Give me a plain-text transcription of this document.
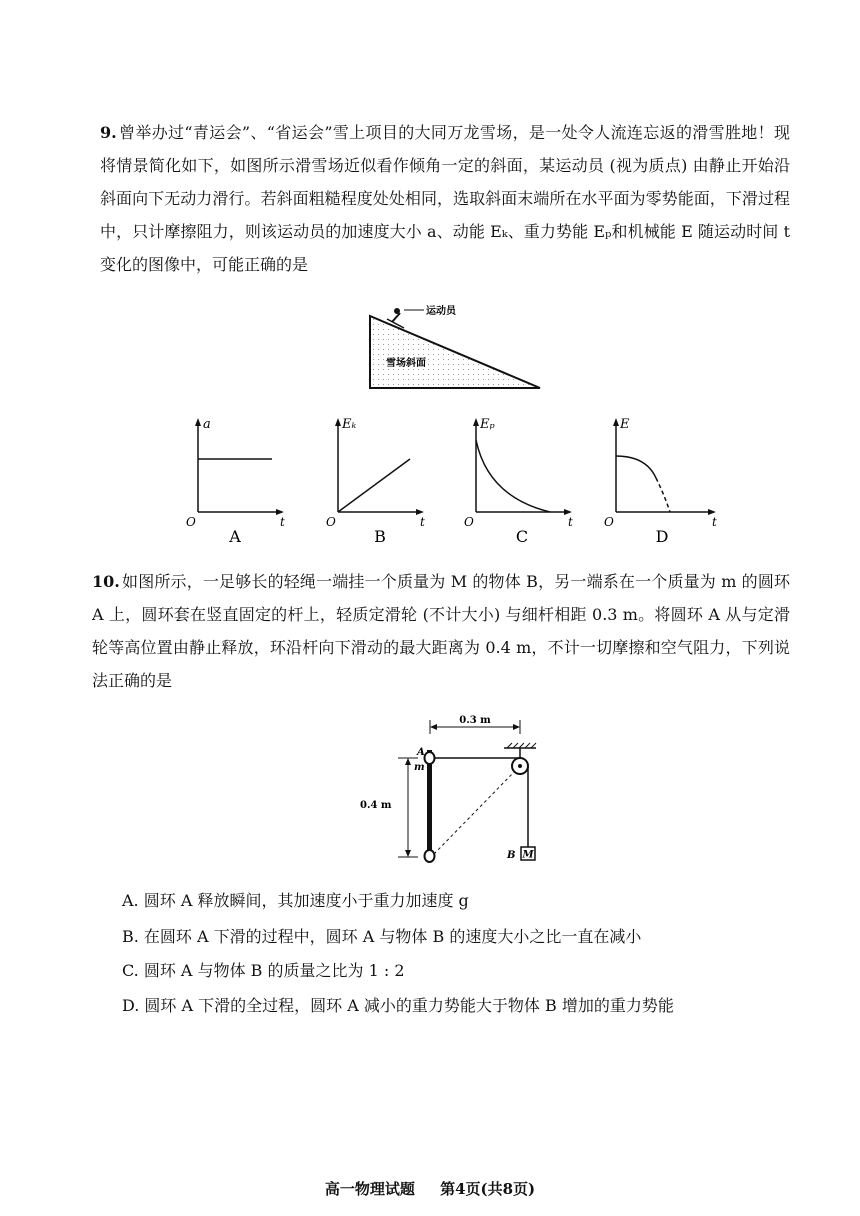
9. 曾举办过“青运会”、“省运会”雪上项目的大同万龙雪场，是一处令人流连忘返的滑雪胜地！现将情景简化如下，如图所示滑雪场近似看作倾角一定的斜面，某运动员 (视为质点) 由静止开始沿斜面向下无动力滑行。若斜面粗糙程度处处相同，选取斜面末端所在水平面为零势能面，下滑过程中，只计摩擦阻力，则该运动员的加速度大小 a、动能 Eₖ、重力势能 Eₚ和机械能 E 随运动时间 t 变化的图像中，可能正确的是

运动员
雪场斜面
a
O	t
A
Eₖ
O	t
B
Eₚ
O	t
C
E
O	t
D

10. 如图所示，一足够长的轻绳一端挂一个质量为 M 的物体 B，另一端系在一个质量为 m 的圆环 A 上，圆环套在竖直固定的杆上，轻质定滑轮 (不计大小) 与细杆相距 0.3 m。将圆环 A 从与定滑轮等高位置由静止释放，环沿杆向下滑动的最大距离为 0.4 m，不计一切摩擦和空气阻力，下列说法正确的是

0.3 m
A
m
0.4 m
M
B
A. 圆环 A 释放瞬间，其加速度小于重力加速度 g
B. 在圆环 A 下滑的过程中，圆环 A 与物体 B 的速度大小之比一直在减小
C. 圆环 A 与物体 B 的质量之比为 1 : 2
D. 圆环 A 下滑的全过程，圆环 A 减小的重力势能大于物体 B 增加的重力势能
高一物理试题 第4页(共8页)
